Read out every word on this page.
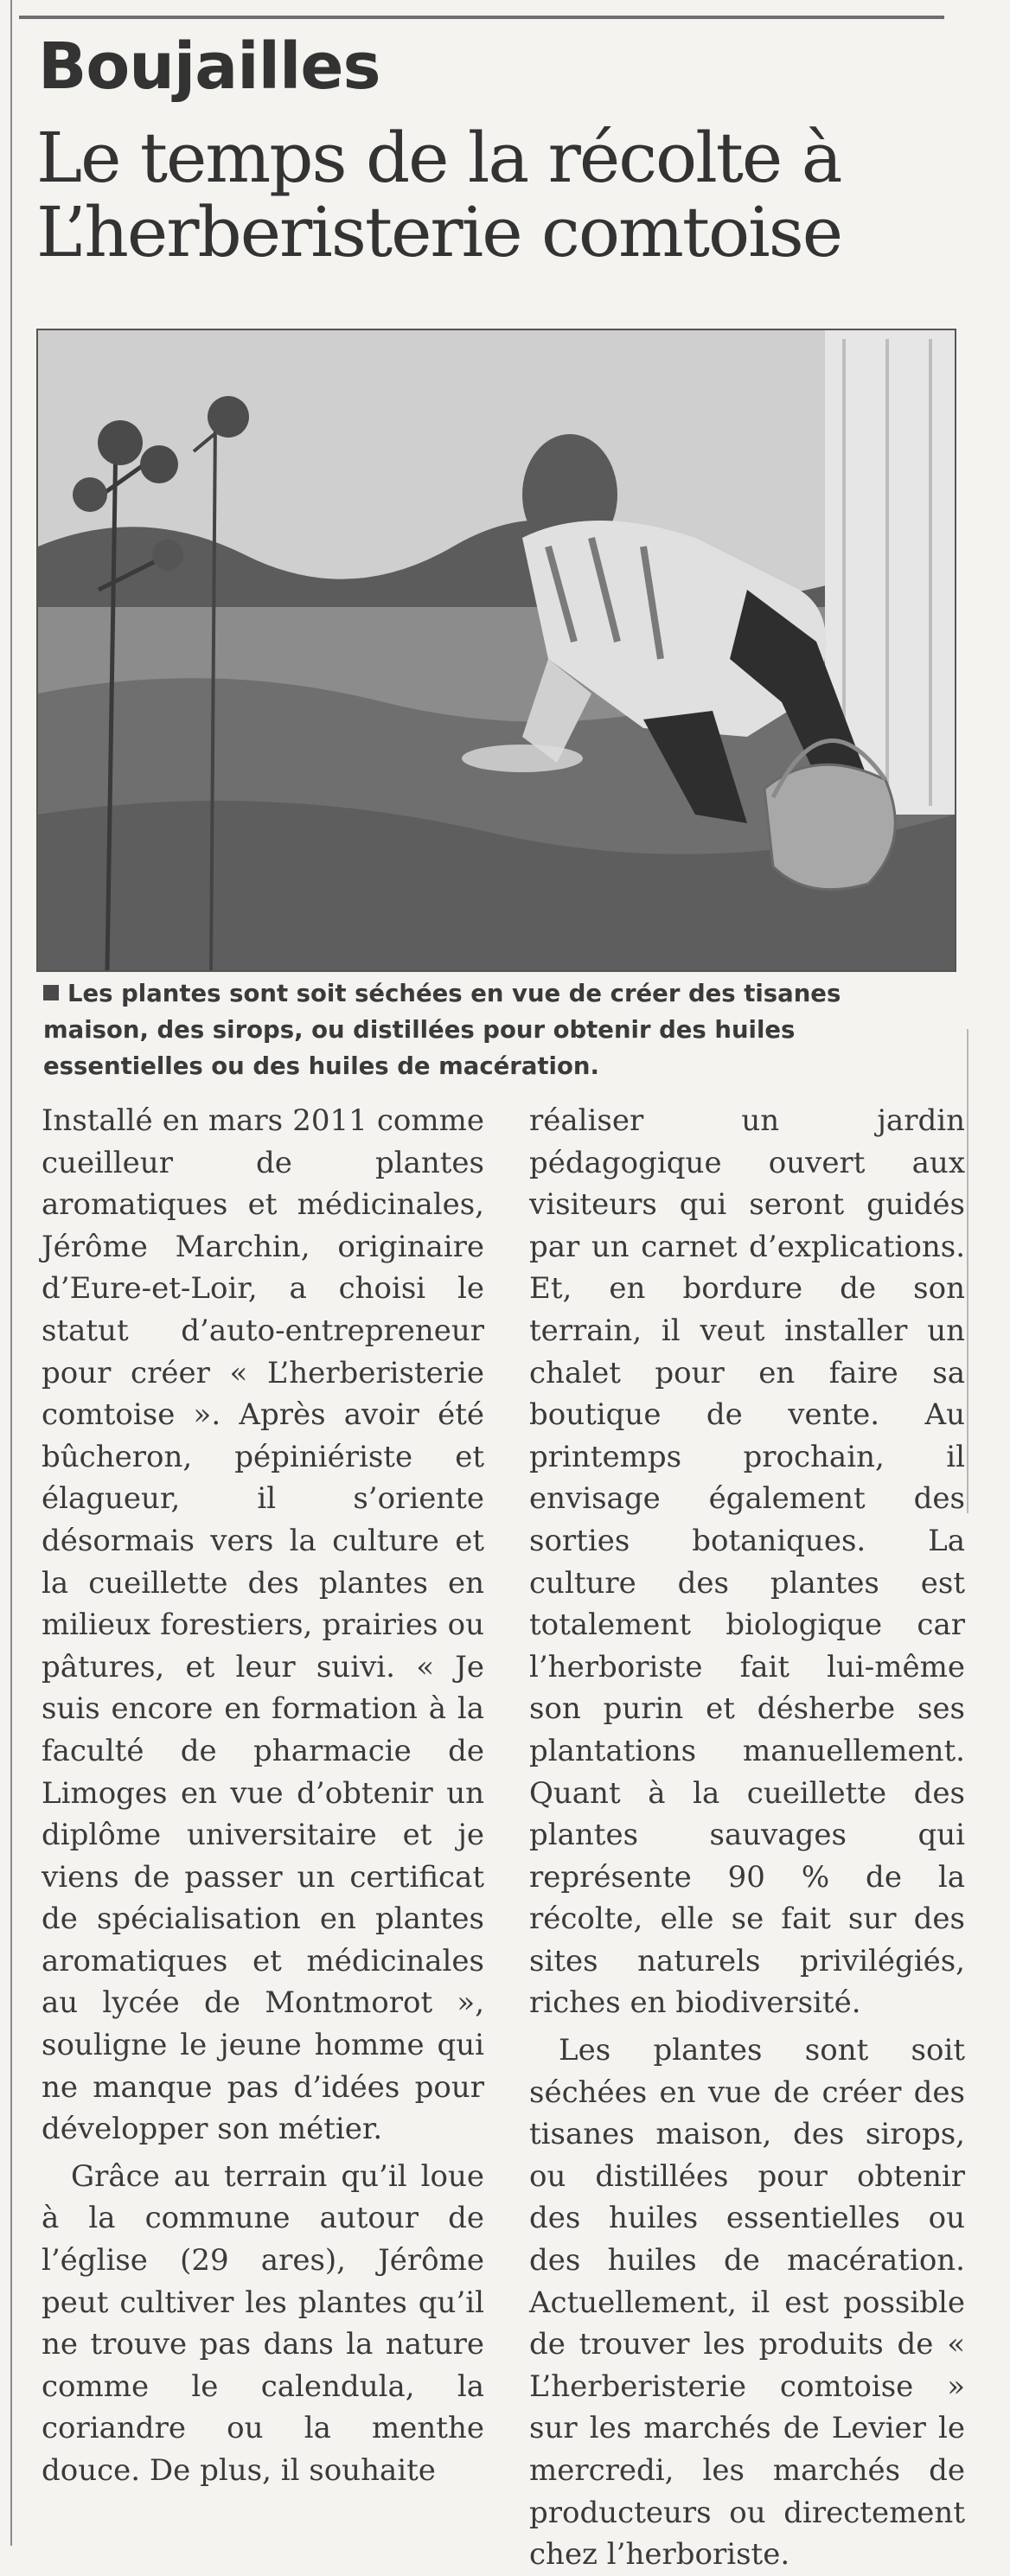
Boujailles
Le temps de la récolte à L’herberisterie comtoise
Les plantes sont soit séchées en vue de créer des tisanes maison, des sirops, ou distillées pour obtenir des huiles essentielles ou des huiles de macération.

Installé en mars 2011 comme cueilleur de plantes aromatiques et médicinales, Jérôme Marchin, originaire d’Eure-et-Loir, a choisi le statut d’auto-entrepreneur pour créer « L’herberisterie comtoise ». Après avoir été bûcheron, pépiniériste et élagueur, il s’oriente désormais vers la culture et la cueillette des plantes en milieux forestiers, prairies ou pâtures, et leur suivi. « Je suis encore en formation à la faculté de pharmacie de Limoges en vue d’obtenir un diplôme universitaire et je viens de passer un certificat de spécialisation en plantes aromatiques et médicinales au lycée de Montmorot », souligne le jeune homme qui ne manque pas d’idées pour développer son métier.

Grâce au terrain qu’il loue à la commune autour de l’église (29 ares), Jérôme peut cultiver les plantes qu’il ne trouve pas dans la nature comme le calendula, la coriandre ou la menthe douce. De plus, il souhaite

réaliser un jardin pédagogique ouvert aux visiteurs qui seront guidés par un carnet d’explications. Et, en bordure de son terrain, il veut installer un chalet pour en faire sa boutique de vente. Au printemps prochain, il envisage également des sorties botaniques. La culture des plantes est totalement biologique car l’herboriste fait lui-même son purin et désherbe ses plantations manuellement. Quant à la cueillette des plantes sauvages qui représente 90 % de la récolte, elle se fait sur des sites naturels privilégiés, riches en biodiversité.

Les plantes sont soit séchées en vue de créer des tisanes maison, des sirops, ou distillées pour obtenir des huiles essentielles ou des huiles de macération. Actuellement, il est possible de trouver les produits de « L’herberisterie comtoise » sur les marchés de Levier le mercredi, les marchés de producteurs ou directement chez l’herboriste.
